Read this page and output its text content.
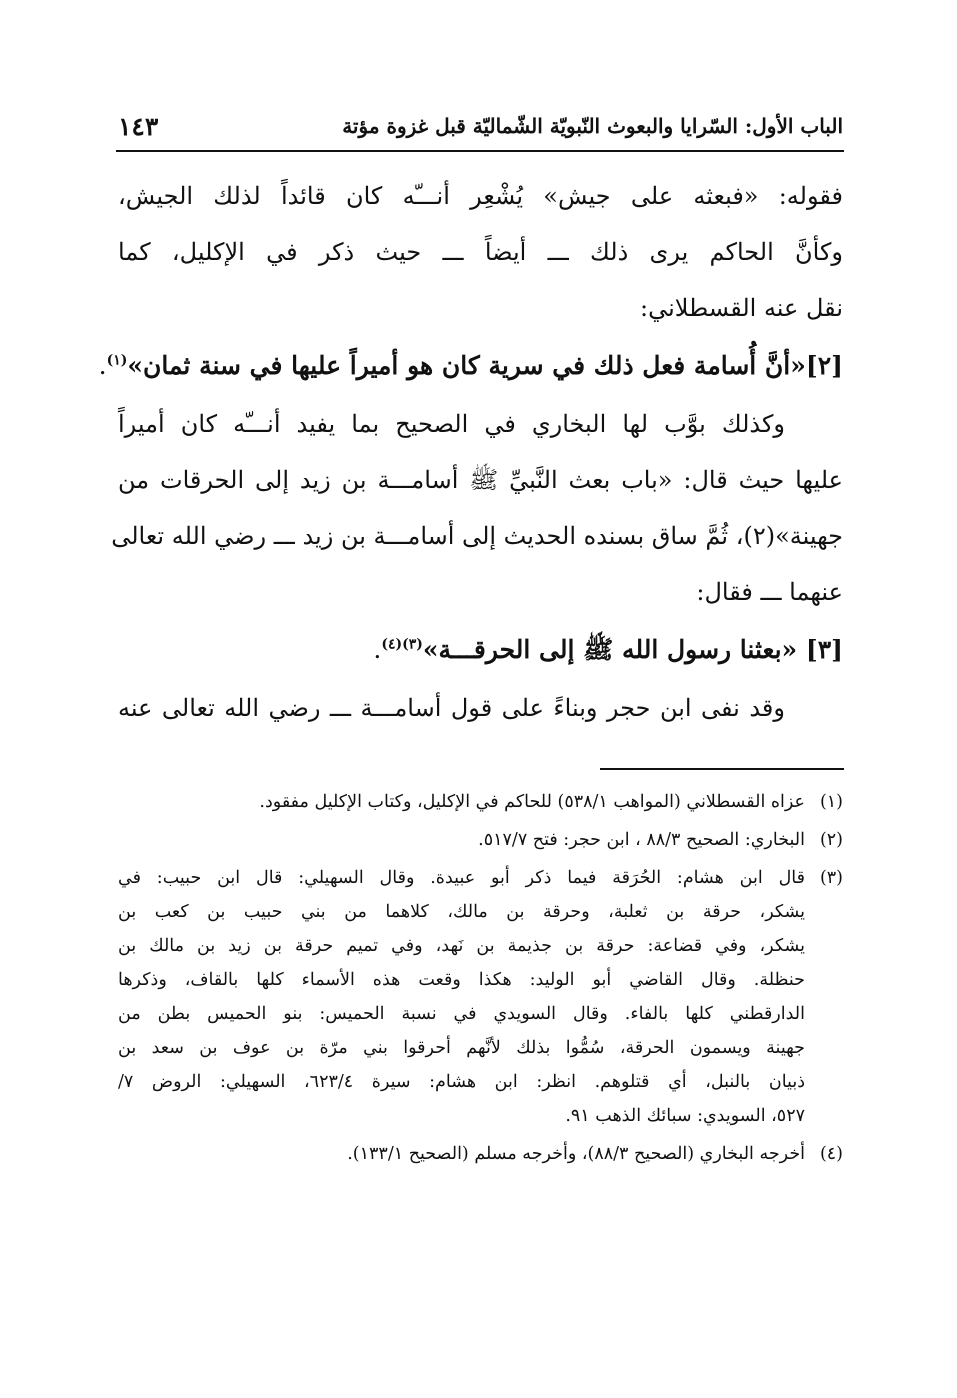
الباب الأول: السّرايا والبعوث النّبويّة الشّماليّة قبل غزوة مؤتة
١٤٣
فقوله: «فبعثه على جيش» يُشْعِر أنـــّه كان قائداً لذلك الجيش،
وكأنَّ الحاكم يرى ذلك ـــ أيضاً ـــ حيث ذكر في الإكليل، كما
نقل عنه القسطلاني:
[٢]«أنَّ أُسامة فعل ذلك في سرية كان هو أميراً عليها في سنة ثمان»$^{(١)}$.
وكذلك بوَّب لها البخاري في الصحيح بما يفيد أنـــّه كان أميراً
عليها حيث قال: «باب بعث النَّبيِّ ﷺ أسامـــة بن زيد إلى الحرقات من
جهينة»(٢)، ثُمَّ ساق بسنده الحديث إلى أسامـــة بن زيد ـــ رضي الله تعالى
عنهما ـــ فقال:
[٣] «بعثنا رسول الله ﷺ إلى الحرقـــة»$^{(٣)(٤)}$.
وقد نفى ابن حجر وبناءً على قول أسامـــة ـــ رضي الله تعالى عنه
(١)
عزاه القسطلاني (المواهب ٥٣٨/١) للحاكم في الإكليل، وكتاب الإكليل مفقود.
(٢)
البخاري: الصحيح ٨٨/٣ ، ابن حجر: فتح ٥١٧/٧.
(٣)
قال ابن هشام: الحُرَقة فيما ذكر أبو عبيدة. وقال السهيلي: قال ابن حبيب: في
يشكر، حرقة بن ثعلبة، وحرقة بن مالك، كلاهما من بني حبيب بن كعب بن
يشكر، وفي قضاعة: حرقة بن جذيمة بن نَهد، وفي تميم حرقة بن زيد بن مالك بن
حنظلة. وقال القاضي أبو الوليد: هكذا وقعت هذه الأسماء كلها بالقاف، وذكرها
الدارقطني كلها بالفاء. وقال السويدي في نسبة الحميس: بنو الحميس بطن من
جهينة ويسمون الحرقة، سُمُّوا بذلك لأنَّهم أحرقوا بني مرّة بن عوف بن سعد بن
ذبيان بالنبل، أي قتلوهم. انظر: ابن هشام: سيرة ٦٢٣/٤، السهيلي: الروض ٧/
٥٢٧، السويدي: سبائك الذهب ٩١.
(٤)
أخرجه البخاري (الصحيح ٨٨/٣)، وأخرجه مسلم (الصحيح ١٣٣/١).
